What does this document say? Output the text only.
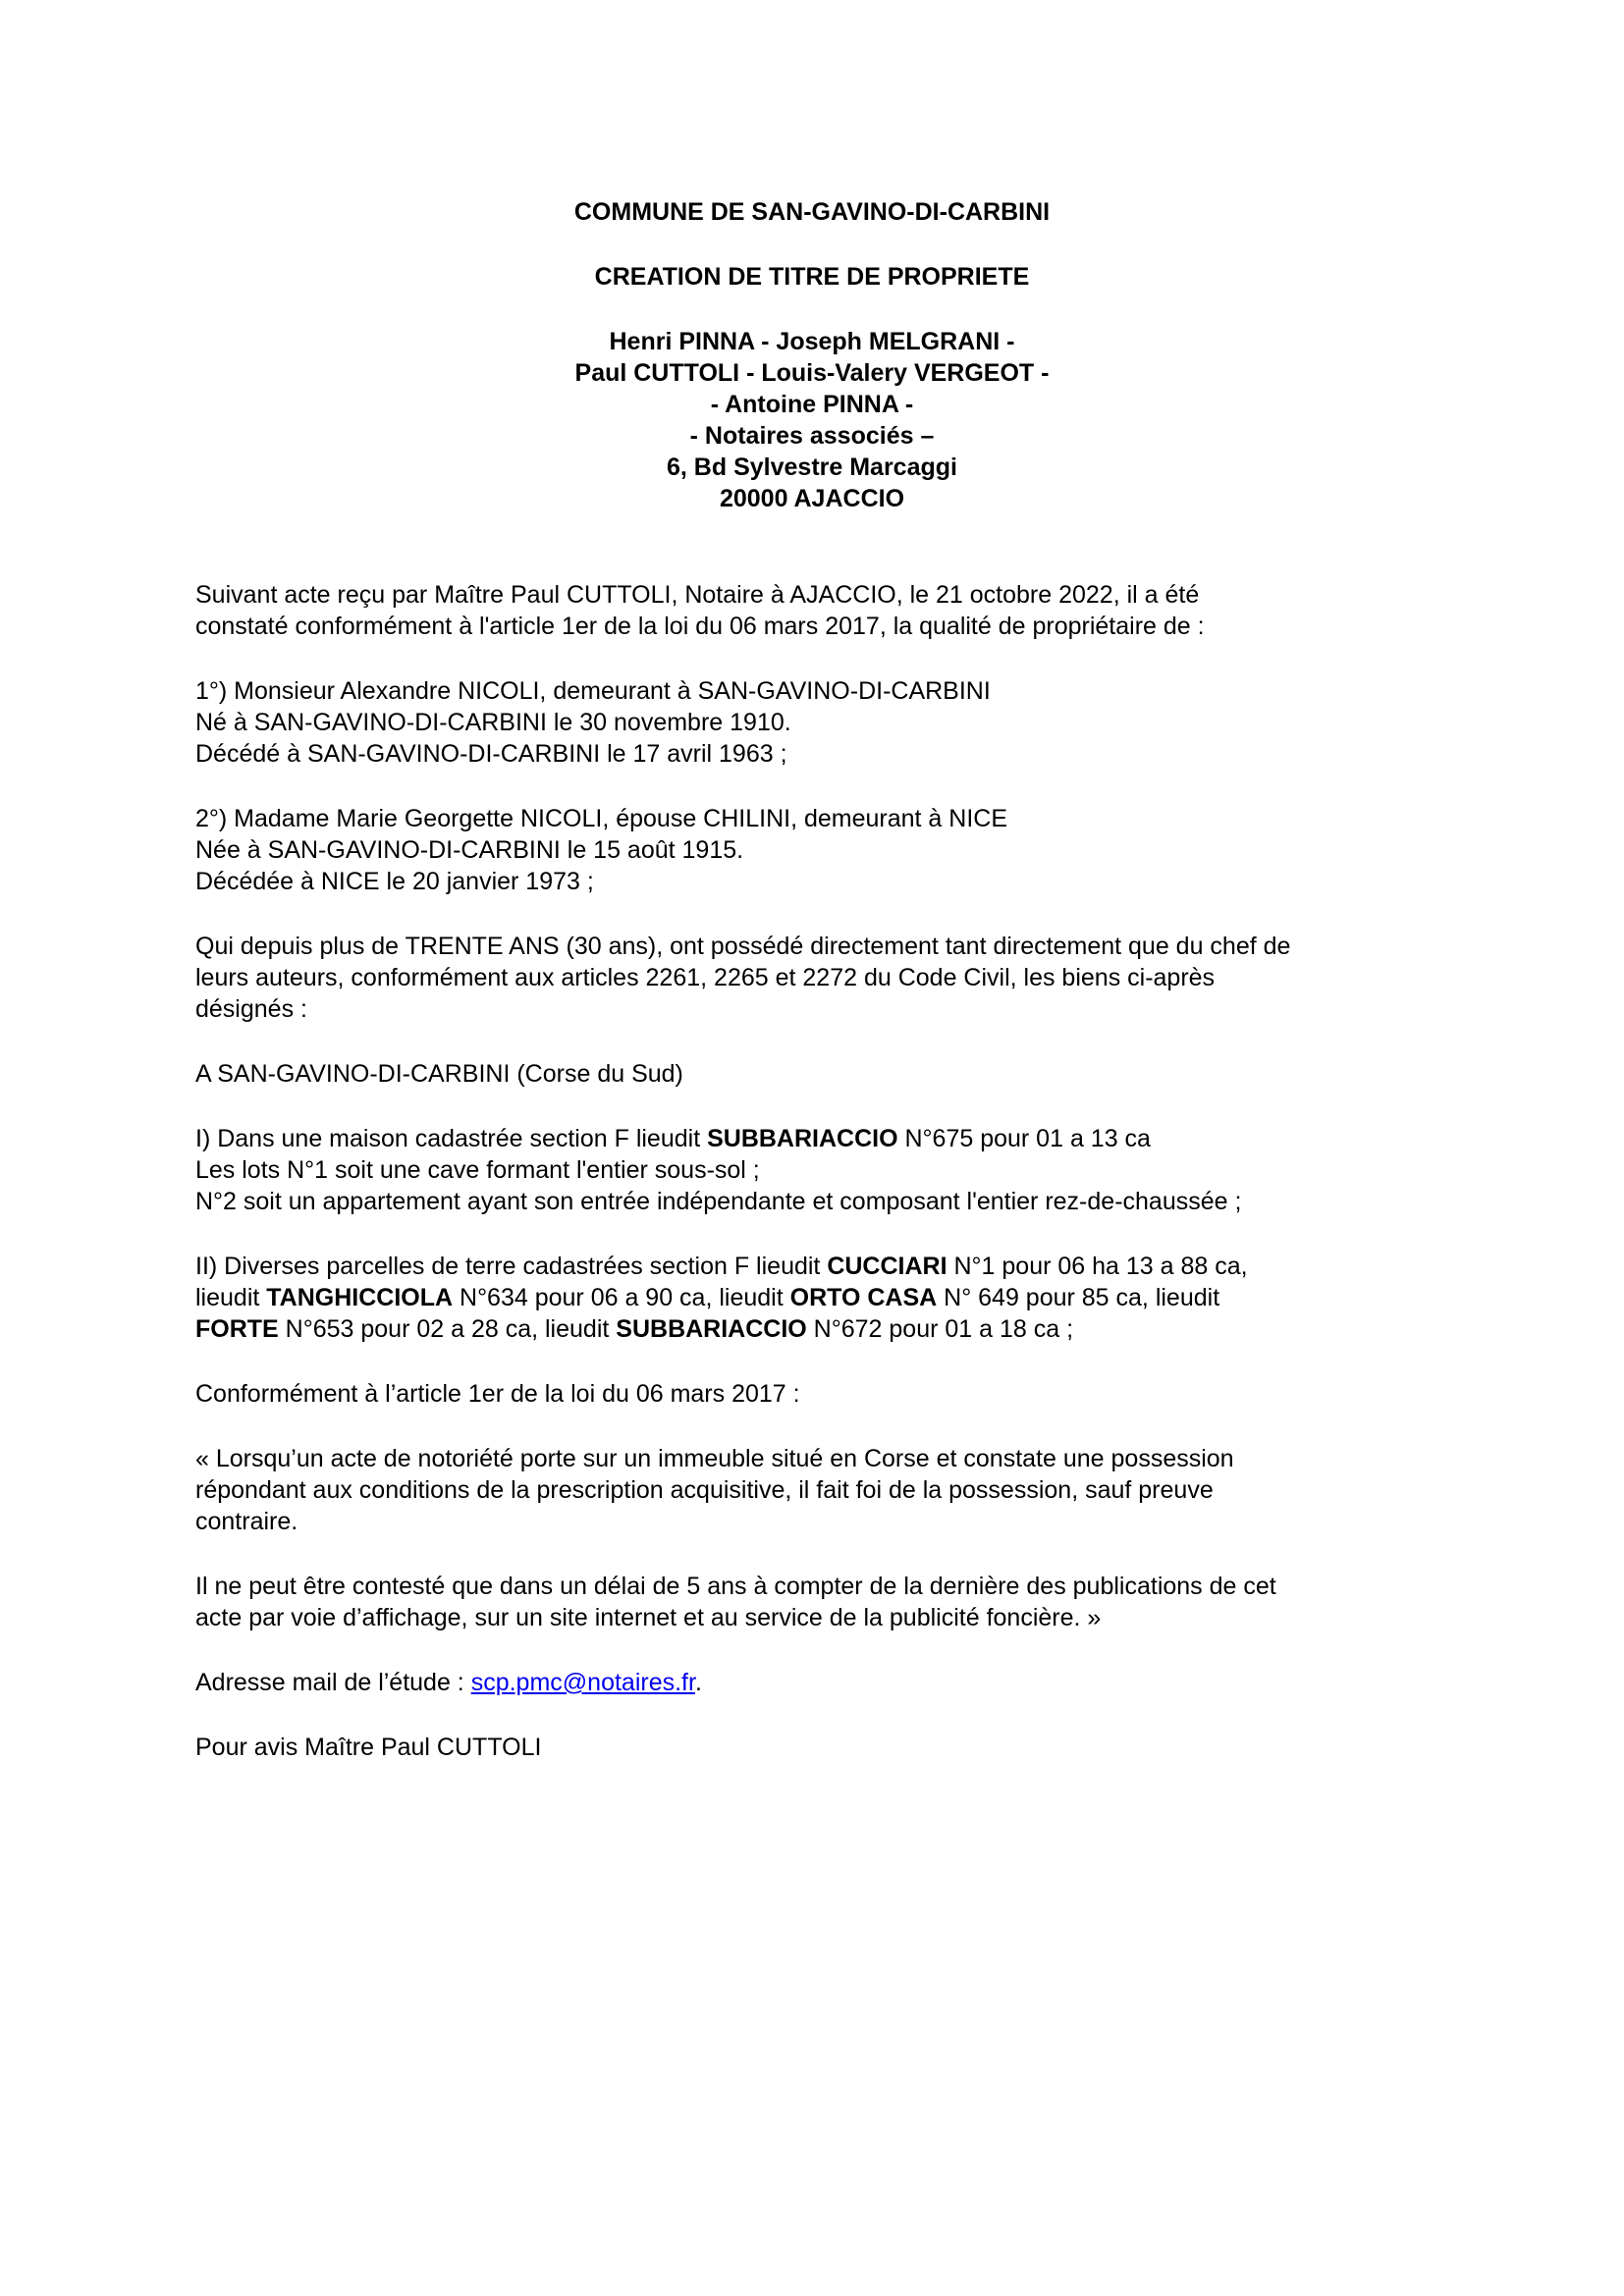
COMMUNE DE SAN-GAVINO-DI-CARBINI
CREATION DE TITRE DE PROPRIETE
Henri PINNA - Joseph MELGRANI -
Paul CUTTOLI - Louis-Valery VERGEOT -
- Antoine PINNA -
- Notaires associés –
6, Bd Sylvestre Marcaggi
20000 AJACCIO

Suivant acte reçu par Maître Paul CUTTOLI, Notaire à AJACCIO, le 21 octobre 2022, il a été
constaté conformément à l'article 1er de la loi du 06 mars 2017, la qualité de propriétaire de :

1°) Monsieur Alexandre NICOLI, demeurant à SAN-GAVINO-DI-CARBINI
Né à SAN-GAVINO-DI-CARBINI le 30 novembre 1910.
Décédé à SAN-GAVINO-DI-CARBINI le 17 avril 1963 ;

2°) Madame Marie Georgette NICOLI, épouse CHILINI, demeurant à NICE
Née à SAN-GAVINO-DI-CARBINI le 15 août 1915.
Décédée à NICE le 20 janvier 1973 ;

Qui depuis plus de TRENTE ANS (30 ans), ont possédé directement tant directement que du chef de
leurs auteurs, conformément aux articles 2261, 2265 et 2272 du Code Civil, les biens ci-après
désignés :

A SAN-GAVINO-DI-CARBINI (Corse du Sud)

I) Dans une maison cadastrée section F lieudit SUBBARIACCIO N°675 pour 01 a 13 ca
Les lots N°1 soit une cave formant l'entier sous-sol ;
N°2 soit un appartement ayant son entrée indépendante et composant l'entier rez-de-chaussée ;

II) Diverses parcelles de terre cadastrées section F lieudit CUCCIARI N°1 pour 06 ha 13 a 88 ca,
lieudit TANGHICCIOLA N°634 pour 06 a 90 ca, lieudit ORTO CASA N° 649 pour 85 ca, lieudit
FORTE N°653 pour 02 a 28 ca, lieudit SUBBARIACCIO N°672 pour 01 a 18 ca ;

Conformément à l’article 1er de la loi du 06 mars 2017 :

« Lorsqu’un acte de notoriété porte sur un immeuble situé en Corse et constate une possession
répondant aux conditions de la prescription acquisitive, il fait foi de la possession, sauf preuve
contraire.

Il ne peut être contesté que dans un délai de 5 ans à compter de la dernière des publications de cet
acte par voie d’affichage, sur un site internet et au service de la publicité foncière. »

Adresse mail de l’étude : scp.pmc@notaires.fr.

Pour avis Maître Paul CUTTOLI
